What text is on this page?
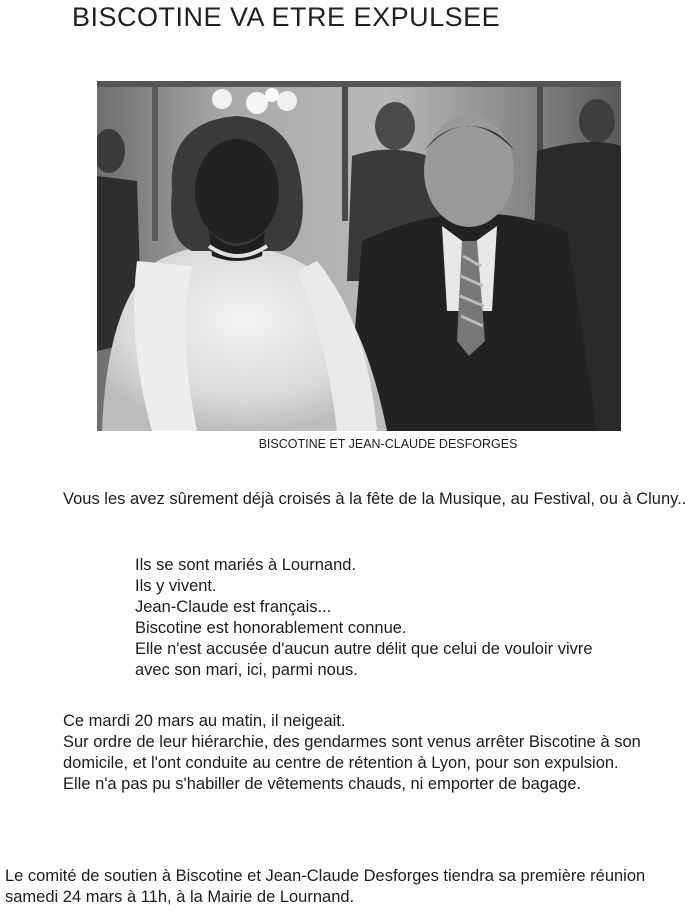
BISCOTINE VA ETRE EXPULSEE
BISCOTINE ET JEAN-CLAUDE DESFORGES
Vous les avez sûrement déjà croisés à la fête de la Musique, au Festival, ou à Cluny..
Ils se sont mariés à Lournand.
Ils y vivent.
Jean-Claude est français...
Biscotine est honorablement connue.
Elle n'est accusée d'aucun autre délit que celui de vouloir vivre
avec son mari, ici, parmi nous.
Ce mardi 20 mars au matin, il neigeait.
Sur ordre de leur hiérarchie, des gendarmes sont venus arrêter Biscotine à son domicile, et l'ont conduite au centre de rétention à Lyon, pour son expulsion.
Elle n'a pas pu s'habiller de vêtements chauds, ni emporter de bagage.
Le comité de soutien à Biscotine et Jean-Claude Desforges tiendra sa première réunion samedi 24 mars à 11h, à la Mairie de Lournand.
